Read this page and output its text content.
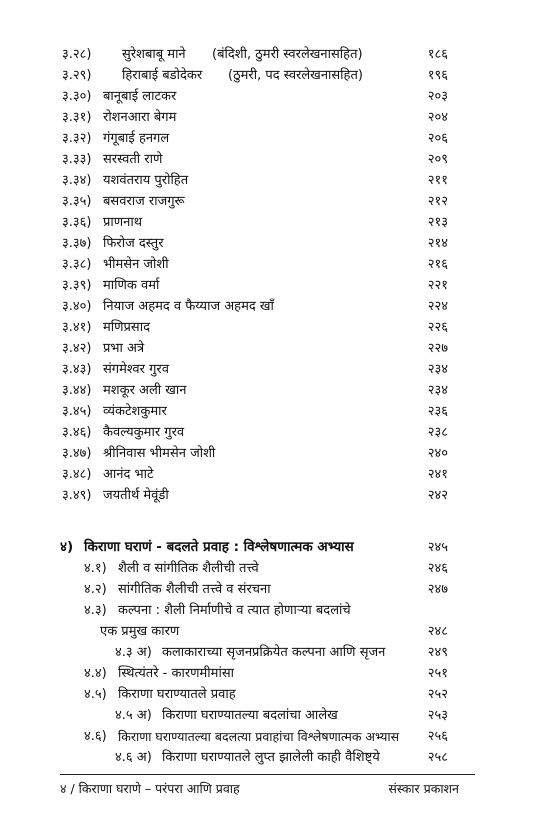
३.२८) सुरेशबाबू माने (बंदिशी, ठुमरी स्वरलेखनासहित)	१८६
३.२९) हिराबाई बडोदेकर (ठुमरी, पद स्वरलेखनासहित)	१९६
३.३०) बानूबाई लाटकर	२०३
३.३१) रोशनआरा बेगम	२०४
३.३२) गंगूबाई हनगल	२०६
३.३३) सरस्वती राणे	२०९
३.३४) यशवंतराय पुरोहित	२११
३.३५) बसवराज राजगुरू	२१२
३.३६) प्राणनाथ	२१३
३.३७) फिरोज दस्तुर	२१४
३.३८) भीमसेन जोशी	२१६
३.३९) माणिक वर्मा	२२१
३.४०) नियाज अहमद व फैय्याज अहमद खाँ	२२४
३.४१) मणिप्रसाद	२२६
३.४२) प्रभा अत्रे	२२७
३.४३) संगमेश्वर गुरव	२३४
३.४४) मशकूर अली खान	२३४
३.४५) व्यंकटेशकुमार	२३६
३.४६) कैवल्यकुमार गुरव	२३८
३.४७) श्रीनिवास भीमसेन जोशी	२४०
३.४८) आनंद भाटे	२४१
३.४९) जयतीर्थ मेवूंडी	२४२
४) किराणा घराणं - बदलते प्रवाह : विश्लेषणात्मक अभ्यास	२४५
४.१) शैली व सांगीतिक शैलीची तत्त्वे	२४६
४.२) सांगीतिक शैलीची तत्त्वे व संरचना	२४७
४.३) कल्पना : शैली निर्माणीचे व त्यात होणाऱ्या बदलांचे
एक प्रमुख कारण	२४८
४.३ अ) कलाकाराच्या सृजनप्रक्रियेत कल्पना आणि सृजन	२४९
४.४) स्थित्यंतरे - कारणमीमांसा	२५१
४.५) किराणा घराण्यातले प्रवाह	२५२
४.५ अ) किराणा घराण्यातल्या बदलांचा आलेख	२५३
४.६) किराणा घराण्यातल्या बदलत्या प्रवाहांचा विश्लेषणात्मक अभ्यास २५६
४.६ अ) किराणा घराण्यातले लुप्त झालेली काही वैशिष्ट्ये	२५८
४ / किराणा घराणे – परंपरा आणि प्रवाह	संस्कार प्रकाशन
